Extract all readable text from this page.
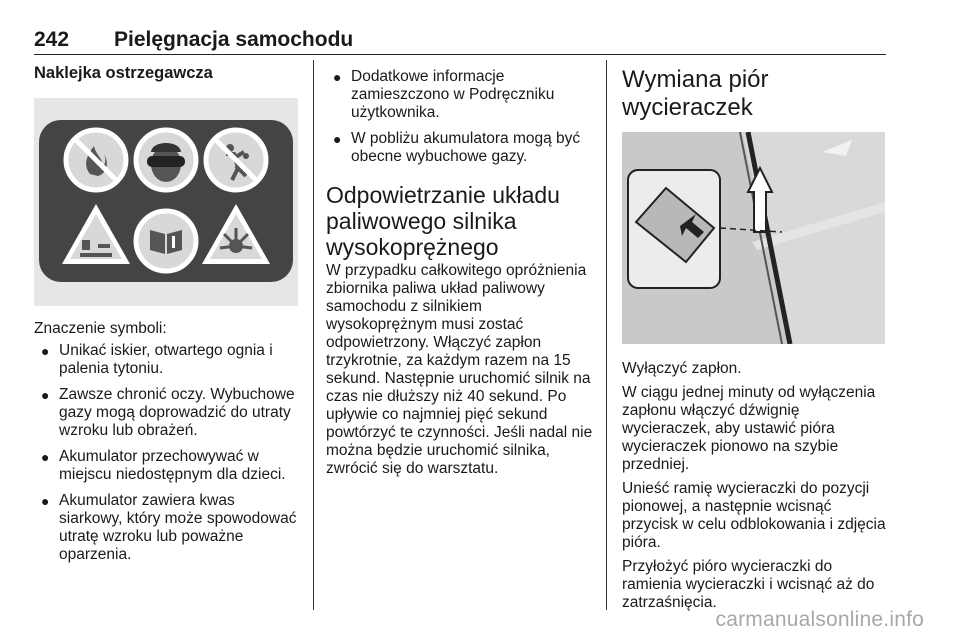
242 Pielęgnacja samochodu
Naklejka ostrzegawcza

Znaczenie symboli:

● Unikać iskier, otwartego ognia i palenia tytoniu.
● Zawsze chronić oczy. Wybuchowe gazy mogą doprowadzić do utraty wzroku lub obrażeń.
● Akumulator przechowywać w miejscu niedostępnym dla dzieci.
● Akumulator zawiera kwas siarkowy, który może spowodować utratę wzroku lub poważne oparzenia.
● Dodatkowe informacje zamieszczono w Podręczniku użytkownika.
● W pobliżu akumulatora mogą być obecne wybuchowe gazy.
Odpowietrzanie układu paliwowego silnika wysokoprężnego

W przypadku całkowitego opróżnienia zbiornika paliwa układ paliwowy samochodu z silnikiem wysokoprężnym musi zostać odpowietrzony. Włączyć zapłon trzykrotnie, za każdym razem na 15 sekund. Następnie uruchomić silnik na czas nie dłuższy niż 40 sekund. Po upływie co najmniej pięć sekund powtórzyć te czynności. Jeśli nadal nie można będzie uruchomić silnika, zwrócić się do warsztatu.

Wymiana piór wycieraczek

Wyłączyć zapłon.

W ciągu jednej minuty od wyłączenia zapłonu włączyć dźwignię wycieraczek, aby ustawić pióra wycieraczek pionowo na szybie przedniej.

Unieść ramię wycieraczki do pozycji pionowej, a następnie wcisnąć przycisk w celu odblokowania i zdjęcia pióra.

Przyłożyć pióro wycieraczki do ramienia wycieraczki i wcisnąć aż do zatrzaśnięcia.

carmanualsonline.info
